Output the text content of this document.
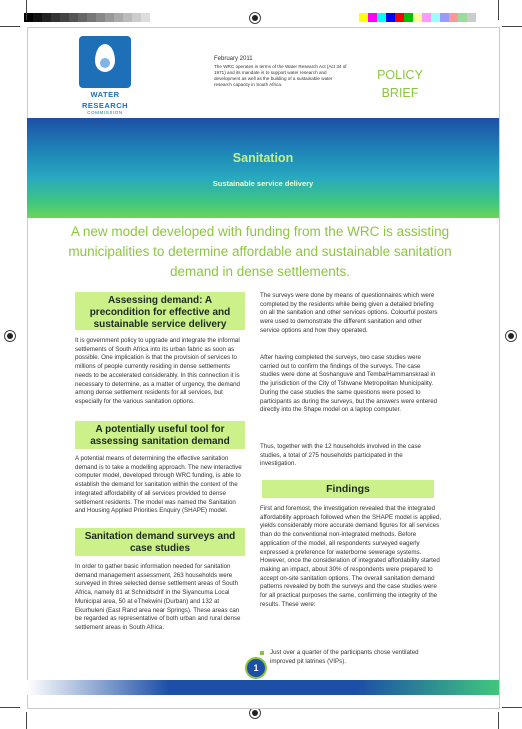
WATER
RESEARCH
COMMISSION
February 2011
The WRC operates in terms of the Water Research Act (Act 34 of 1971) and its mandate is to support water research and development as well as the building of a sustainable water research capacity in South Africa.
POLICY
BRIEF
Sanitation
Sustainable service delivery
A new model developed with funding from the WRC is assisting municipalities to determine affordable and sustainable sanitation demand in dense settlements.
Assessing demand: A precondition for effective and sustainable service delivery
It is government policy to upgrade and integrate the informal settlements of South Africa into its urban fabric as soon as possible. One implication is that the provision of services to millions of people currently residing in dense settlements needs to be accelerated considerably. In this connection it is necessary to determine, as a matter of urgency, the demand among dense settlement residents for all services, but especially for the various sanitation options.
A potentially useful tool for assessing sanitation demand
A potential means of determining the effective sanitation demand is to take a modelling approach. The new interactive computer model, developed through WRC funding, is able to establish the demand for sanitation within the context of the integrated affordability of all services provided to dense settlement residents. The model was named the Sanitation and Housing Applied Priorities Enquiry (SHAPE) model.
Sanitation demand surveys and case studies
In order to gather basic information needed for sanitation demand management assessment, 263 households were surveyed in three selected dense settlement areas of South Africa, namely 81 at Schnidtsdrif in the Siyancuma Local Municipal area, 50 at eThekwini (Durban) and 132 at Ekurhuleni (East Rand area near Springs). These areas can be regarded as representative of both urban and rural dense settlement areas in South Africa.
The surveys were done by means of questionnaires which were completed by the residents while being given a detailed briefing on all the sanitation and other services options. Colourful posters were used to demonstrate the different sanitation and other service options and how they operated.
After having completed the surveys, two case studies were carried out to confirm the findings of the surveys. The case studies were done at Soshanguve and Temba/Hammanskraal in the jurisdiction of the City of Tshwane Metropolitan Municipality. During the case studies the same questions were posed to participants as during the surveys, but the answers were entered directly into the Shape model on a laptop computer.
Thus, together with the 12 households involved in the case studies, a total of 275 households participated in the investigation.
Findings
First and foremost, the investigation revealed that the integrated affordability approach followed when the SHAPE model is applied, yields considerably more accurate demand figures for all services than do the conventional non-integrated methods. Before application of the model, all respondents surveyed eagerly expressed a preference for waterborne sewerage systems. However, once the consideration of integrated affordability started making an impact, about 30% of respondents were prepared to accept on-site sanitation options. The overall sanitation demand patterns revealed by both the surveys and the case studies were for all practical purposes the same, confirming the integrity of the results. These were:
Just over a quarter of the participants chose ventilated improved pit latrines (VIPs).
1
